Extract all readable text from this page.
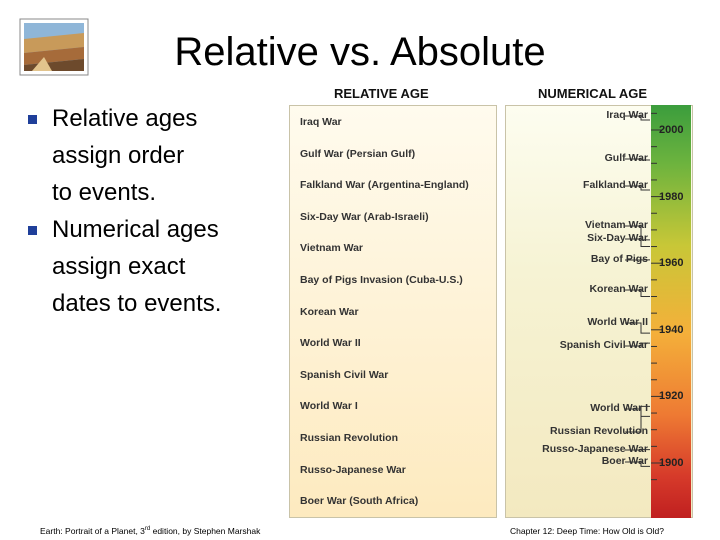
Relative vs. Absolute
Relative ages
assign order
to events.
Numerical ages
assign exact
dates to events.
RELATIVE AGE	NUMERICAL AGE
Iraq War
Gulf War (Persian Gulf)
Falkland War (Argentina-England)
Six-Day War (Arab-Israeli)
Vietnam War
Bay of Pigs Invasion (Cuba-U.S.)
Korean War
World War II
Spanish Civil War
World War I
Russian Revolution
Russo-Japanese War
Boer War (South Africa)
Iraq War
Gulf War
Falkland War
Vietnam War
Six-Day War
Bay of Pigs
Korean War
World War II
Spanish Civil War
World War I
Russian Revolution
Russo-Japanese War
Boer War
2000
1980
1960
1940
1920
1900
Earth: Portrait of a Planet, 3rd edition, by Stephen Marshak	Chapter 12: Deep Time: How Old is Old?
